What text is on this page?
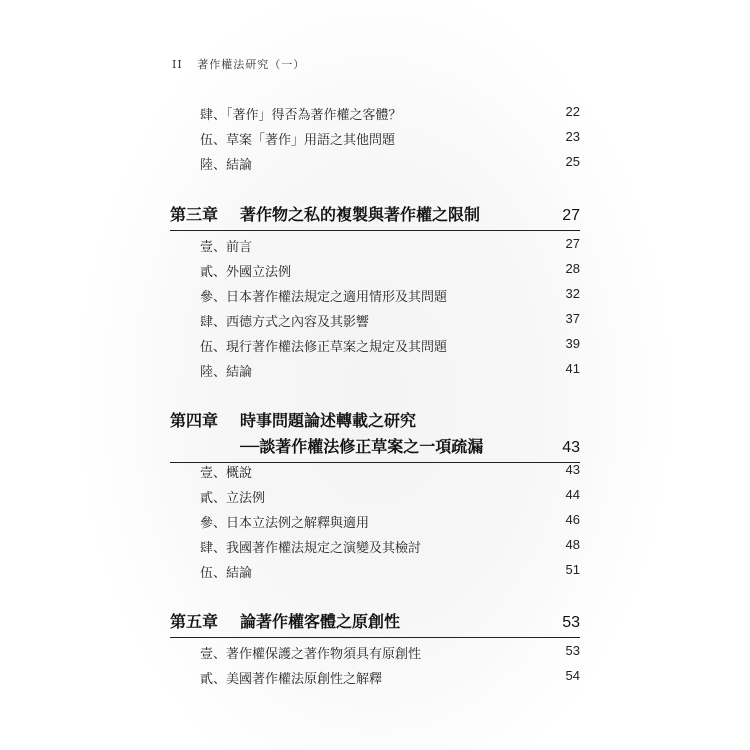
II 著作權法研究（一）
肆、「著作」得否為著作權之客體？	22
伍、草案「著作」用語之其他問題	23
陸、結論	25
第三章 著作物之私的複製與著作權之限制	27
壹、前言	27
貳、外國立法例	28
參、日本著作權法規定之適用情形及其問題	32
肆、西德方式之內容及其影響	37
伍、現行著作權法修正草案之規定及其問題	39
陸、結論	41
第四章 時事問題論述轉載之研究
──談著作權法修正草案之一項疏漏	43
壹、概說	43
貳、立法例	44
參、日本立法例之解釋與適用	46
肆、我國著作權法規定之演變及其檢討	48
伍、結論	51
第五章 論著作權客體之原創性	53
壹、著作權保護之著作物須具有原創性	53
貳、美國著作權法原創性之解釋	54
